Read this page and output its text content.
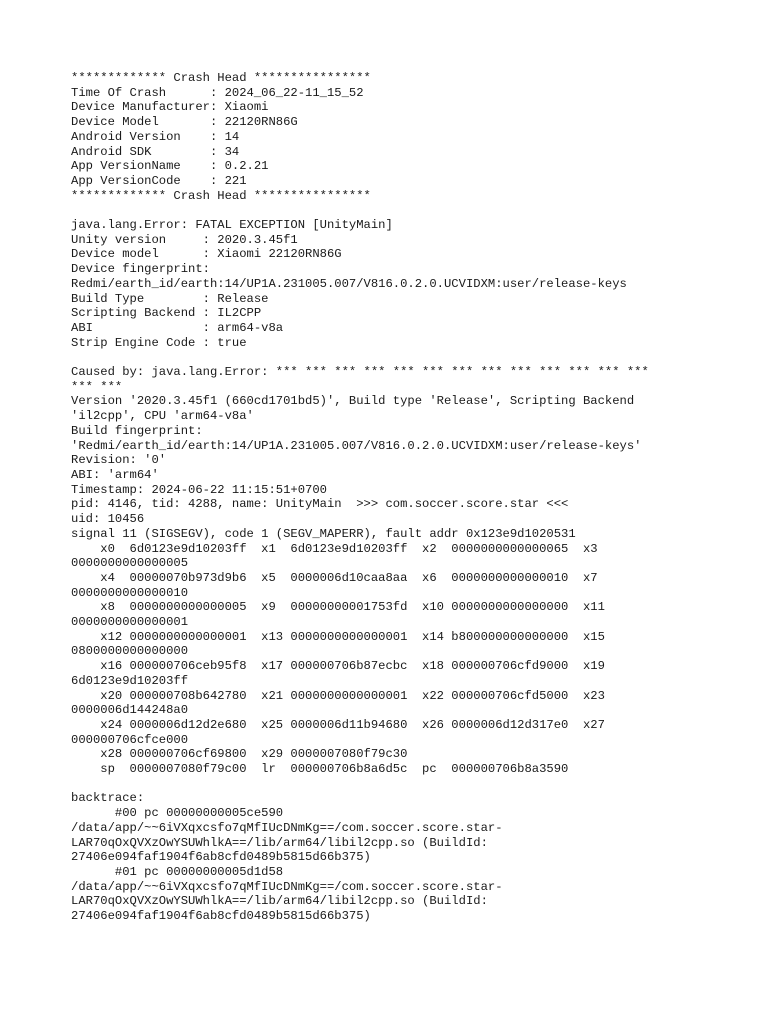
************* Crash Head ****************
Time Of Crash      : 2024_06_22-11_15_52
Device Manufacturer: Xiaomi
Device Model       : 22120RN86G
Android Version    : 14
Android SDK        : 34
App VersionName    : 0.2.21
App VersionCode    : 221
************* Crash Head ****************

java.lang.Error: FATAL EXCEPTION [UnityMain]
Unity version     : 2020.3.45f1
Device model      : Xiaomi 22120RN86G
Device fingerprint:
Redmi/earth_id/earth:14/UP1A.231005.007/V816.0.2.0.UCVIDXM:user/release-keys
Build Type        : Release
Scripting Backend : IL2CPP
ABI               : arm64-v8a
Strip Engine Code : true

Caused by: java.lang.Error: *** *** *** *** *** *** *** *** *** *** *** *** ***
*** ***
Version '2020.3.45f1 (660cd1701bd5)', Build type 'Release', Scripting Backend
'il2cpp', CPU 'arm64-v8a'
Build fingerprint:
'Redmi/earth_id/earth:14/UP1A.231005.007/V816.0.2.0.UCVIDXM:user/release-keys'
Revision: '0'
ABI: 'arm64'
Timestamp: 2024-06-22 11:15:51+0700
pid: 4146, tid: 4288, name: UnityMain  >>> com.soccer.score.star <<<
uid: 10456
signal 11 (SIGSEGV), code 1 (SEGV_MAPERR), fault addr 0x123e9d1020531
x0  6d0123e9d10203ff  x1  6d0123e9d10203ff  x2  0000000000000065  x3
0000000000000005
x4  00000070b973d9b6  x5  0000006d10caa8aa  x6  0000000000000010  x7
0000000000000010
x8  0000000000000005  x9  00000000001753fd  x10 0000000000000000  x11
0000000000000001
x12 0000000000000001  x13 0000000000000001  x14 b800000000000000  x15
0800000000000000
x16 000000706ceb95f8  x17 000000706b87ecbc  x18 000000706cfd9000  x19
6d0123e9d10203ff
x20 000000708b642780  x21 0000000000000001  x22 000000706cfd5000  x23
0000006d144248a0
x24 0000006d12d2e680  x25 0000006d11b94680  x26 0000006d12d317e0  x27
000000706cfce000
x28 000000706cf69800  x29 0000007080f79c30
sp  0000007080f79c00  lr  000000706b8a6d5c  pc  000000706b8a3590

backtrace:
#00 pc 00000000005ce590
/data/app/~~6iVXqxcsfo7qMfIUcDNmKg==/com.soccer.score.star-
LAR70qOxQVXzOwYSUWhlkA==/lib/arm64/libil2cpp.so (BuildId:
27406e094faf1904f6ab8cfd0489b5815d66b375)
#01 pc 00000000005d1d58
/data/app/~~6iVXqxcsfo7qMfIUcDNmKg==/com.soccer.score.star-
LAR70qOxQVXzOwYSUWhlkA==/lib/arm64/libil2cpp.so (BuildId:
27406e094faf1904f6ab8cfd0489b5815d66b375)
